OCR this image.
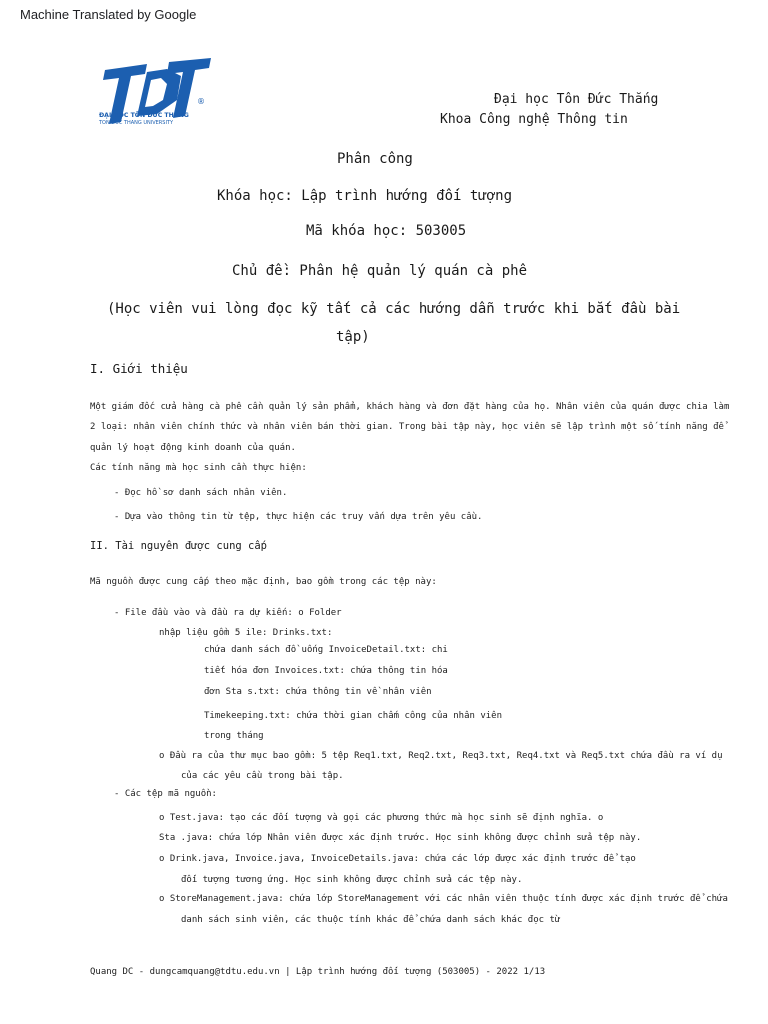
Machine Translated by Google
ĐẠI HỌC TÔN ĐỨC THẮNG
TON DUC THANG UNIVERSITY
®	Đại học Tôn Đức Thắng
Khoa Công nghệ Thông tin
Phân công
Khóa học: Lập trình hướng đối tượng
Mã khóa học: 503005
Chủ đề: Phân hệ quản lý quán cà phê
(Học viên vui lòng đọc kỹ tất cả các hướng dẫn trước khi bắt đầu bài
tập)
I. Giới thiệu
Một giám đốc cửa hàng cà phê cần quản lý sản phẩm, khách hàng và đơn đặt hàng của họ. Nhân viên của quán được chia làm
2 loại: nhân viên chính thức và nhân viên bán thời gian. Trong bài tập này, học viên sẽ lập trình một số tính năng để
quản lý hoạt động kinh doanh của quán.
Các tính năng mà học sinh cần thực hiện:
- Đọc hồ sơ danh sách nhân viên.
- Dựa vào thông tin từ tệp, thực hiện các truy vấn dựa trên yêu cầu.
II. Tài nguyên được cung cấp
Mã nguồn được cung cấp theo mặc định, bao gồm trong các tệp này:
- File đầu vào và đầu ra dự kiến: o Folder
nhập liệu gồm 5 ile: Drinks.txt:
chứa danh sách đồ uống InvoiceDetail.txt: chi
tiết hóa đơn Invoices.txt: chứa thông tin hóa
đơn Sta s.txt: chứa thông tin về nhân viên
Timekeeping.txt: chứa thời gian chấm công của nhân viên
trong tháng
o Đầu ra của thư mục bao gồm: 5 tệp Req1.txt, Req2.txt, Req3.txt, Req4.txt và Req5.txt chứa đầu ra ví dụ
của các yêu cầu trong bài tập.
- Các tệp mã nguồn:
o Test.java: tạo các đối tượng và gọi các phương thức mà học sinh sẽ định nghĩa. o
Sta .java: chứa lớp Nhân viên được xác định trước. Học sinh không được chỉnh sửa tệp này.
o Drink.java, Invoice.java, InvoiceDetails.java: chứa các lớp được xác định trước để tạo
đối tượng tương ứng. Học sinh không được chỉnh sửa các tệp này.
o StoreManagement.java: chứa lớp StoreManagement với các nhân viên thuộc tính được xác định trước để chứa
danh sách sinh viên, các thuộc tính khác để chứa danh sách khác đọc từ
Quang DC - dungcamquang@tdtu.edu.vn | Lập trình hướng đối tượng (503005) - 2022 1/13
